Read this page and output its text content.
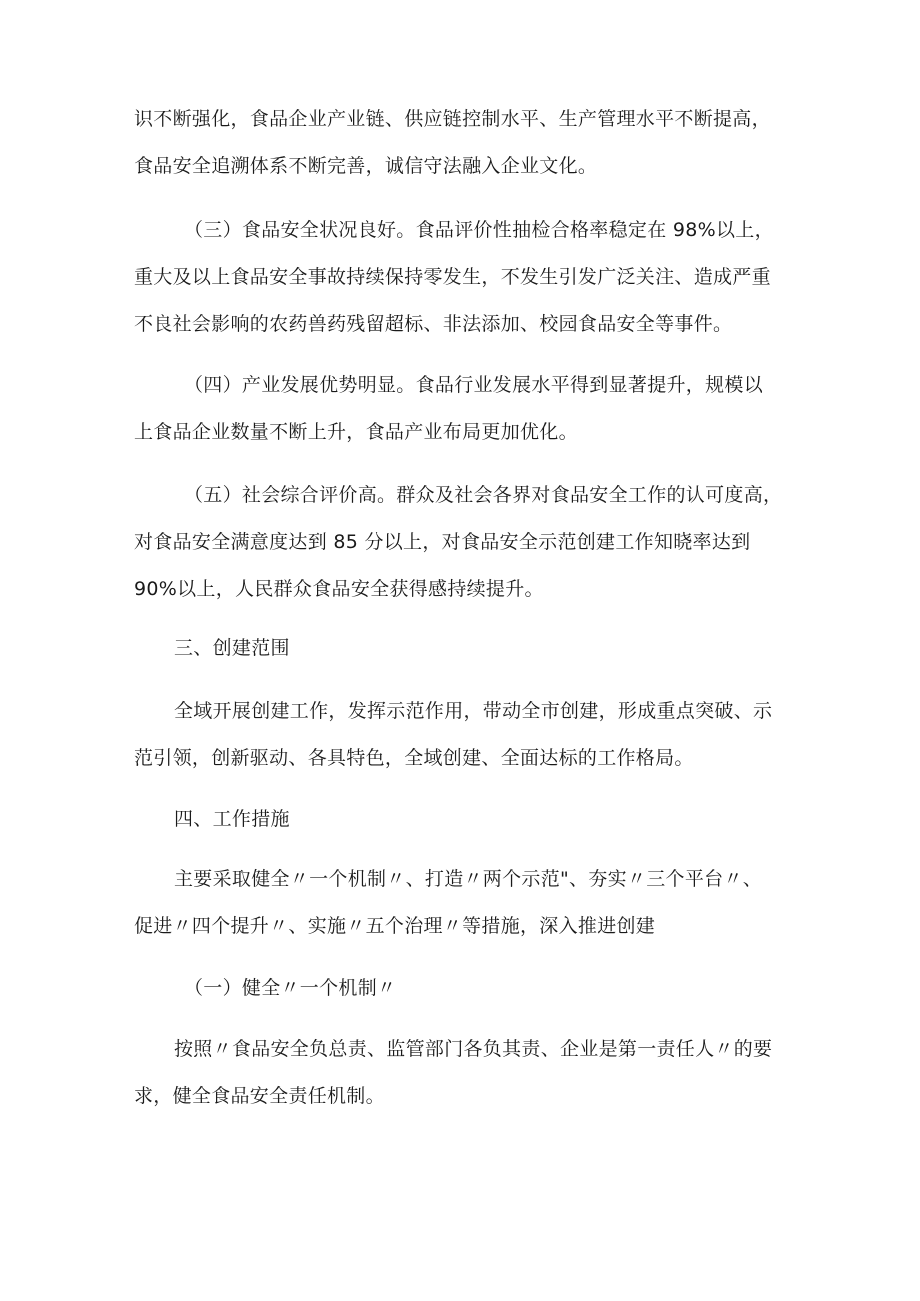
识不断强化，食品企业产业链、供应链控制水平、生产管理水平不断提高，
食品安全追溯体系不断完善，诚信守法融入企业文化。
（三）食品安全状况良好。食品评价性抽检合格率稳定在 98%以上，
重大及以上食品安全事故持续保持零发生，不发生引发广泛关注、造成严重
不良社会影响的农药兽药残留超标、非法添加、校园食品安全等事件。
（四）产业发展优势明显。食品行业发展水平得到显著提升，规模以
上食品企业数量不断上升，食品产业布局更加优化。
（五）社会综合评价高。群众及社会各界对食品安全工作的认可度高，
对食品安全满意度达到 85 分以上，对食品安全示范创建工作知晓率达到
90%以上，人民群众食品安全获得感持续提升。
三、创建范围
全域开展创建工作，发挥示范作用，带动全市创建，形成重点突破、示
范引领，创新驱动、各具特色，全域创建、全面达标的工作格局。
四、工作措施
主要采取健全〃一个机制〃、打造〃两个示范"、夯实〃三个平台〃、
促进〃四个提升〃、实施〃五个治理〃等措施，深入推进创建
（一）健全〃一个机制〃
按照〃食品安全负总责、监管部门各负其责、企业是第一责任人〃的要
求，健全食品安全责任机制。
